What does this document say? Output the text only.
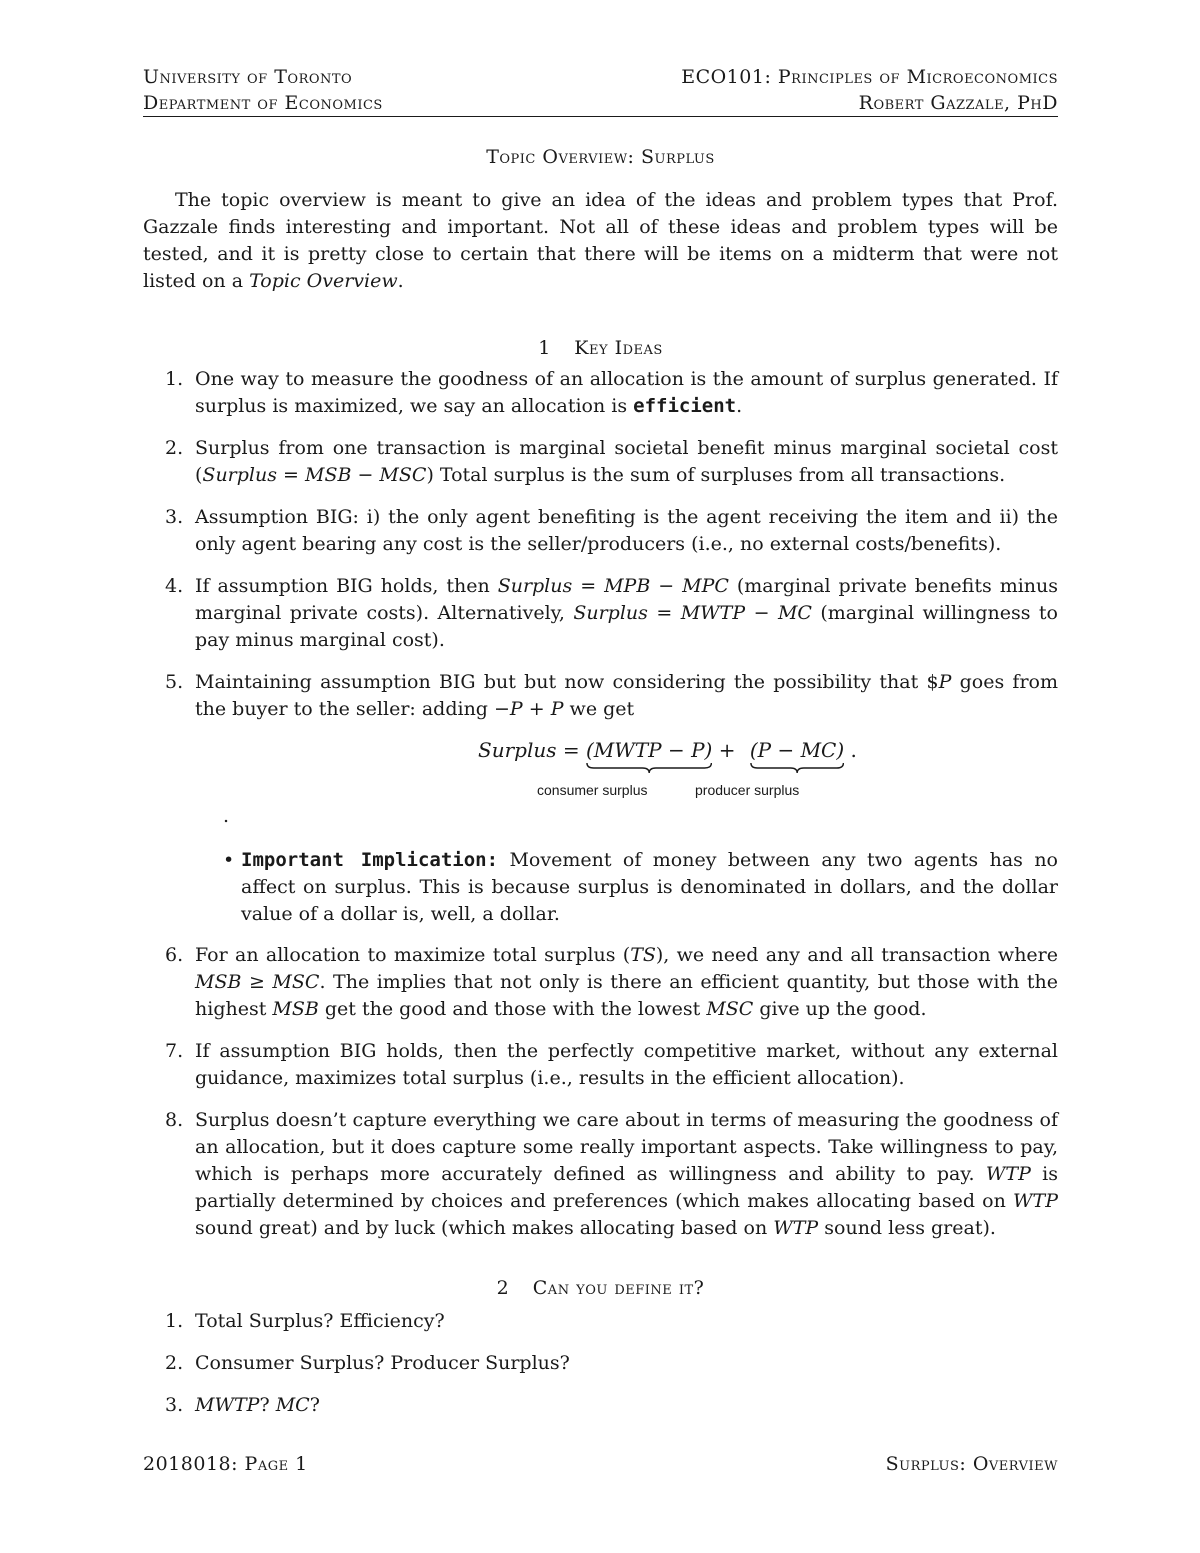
University of Toronto	ECO101: Principles of Microeconomics
Department of Economics	Robert Gazzale, PhD
Topic Overview: Surplus
The topic overview is meant to give an idea of the ideas and problem types that Prof. Gazzale finds interesting and important. Not all of these ideas and problem types will be tested, and it is pretty close to certain that there will be items on a midterm that were not listed on a Topic Overview.
1 Key Ideas
1. One way to measure the goodness of an allocation is the amount of surplus generated. If surplus is maximized, we say an allocation is efficient.
2. Surplus from one transaction is marginal societal benefit minus marginal societal cost (Surplus = MSB − MSC) Total surplus is the sum of surpluses from all transactions.
3. Assumption BIG: i) the only agent benefiting is the agent receiving the item and ii) the only agent bearing any cost is the seller/producers (i.e., no external costs/benefits).
4. If assumption BIG holds, then Surplus = MPB − MPC (marginal private benefits minus marginal private costs). Alternatively, Surplus = MWTP − MC (marginal willingness to pay minus marginal cost).
5. Maintaining assumption BIG but but now considering the possibility that $P goes from the buyer to the seller: adding −P + P we get
Surplus = (MWTP − P)
+ (P − MC)
.
consumer surplus	producer surplus
.
• Important Implication: Movement of money between any two agents has no affect on surplus. This is because surplus is denominated in dollars, and the dollar value of a dollar is, well, a dollar.
6. For an allocation to maximize total surplus (TS), we need any and all transaction where MSB ≥ MSC. The implies that not only is there an efficient quantity, but those with the highest MSB get the good and those with the lowest MSC give up the good.
7. If assumption BIG holds, then the perfectly competitive market, without any external guidance, maximizes total surplus (i.e., results in the efficient allocation).
8. Surplus doesn’t capture everything we care about in terms of measuring the goodness of an allocation, but it does capture some really important aspects. Take willingness to pay, which is perhaps more accurately defined as willingness and ability to pay. WTP is partially determined by choices and preferences (which makes allocating based on WTP sound great) and by luck (which makes allocating based on WTP sound less great).
2 Can you define it?
1. Total Surplus? Efficiency?
2. Consumer Surplus? Producer Surplus?
3. MWTP? MC?
2018018: Page 1	Surplus: Overview
